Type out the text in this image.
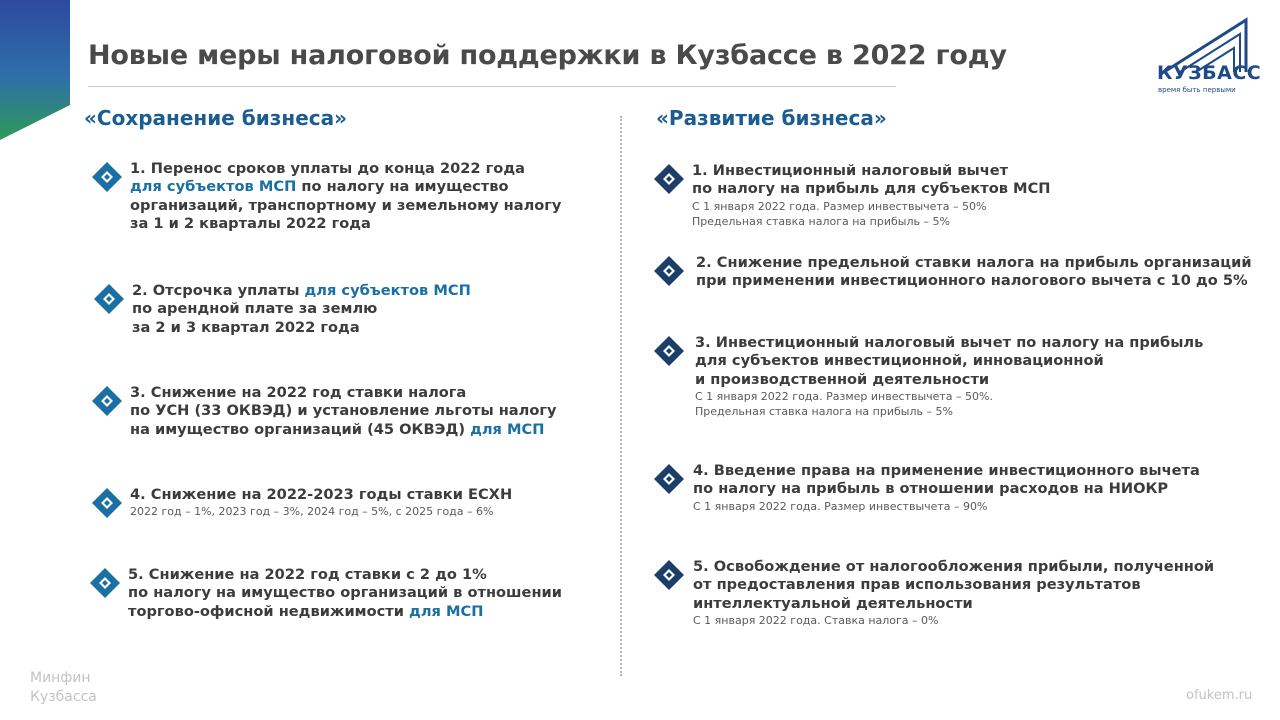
Новые меры налоговой поддержки в Кузбассе в 2022 году
КУЗБАСС
время быть первыми
«Сохранение бизнеса»	«Развитие бизнеса»
1. Перенос сроков уплаты до конца 2022 года
для субъектов МСП по налогу на имущество
организаций, транспортному и земельному налогу
за 1 и 2 кварталы 2022 года
2. Отсрочка уплаты для субъектов МСП
по арендной плате за землю
за 2 и 3 квартал 2022 года
3. Снижение на 2022 год ставки налога
по УСН (33 ОКВЭД) и установление льготы налогу
на имущество организаций (45 ОКВЭД) для МСП
4. Снижение на 2022-2023 годы ставки ЕСХН
2022 год – 1%, 2023 год – 3%, 2024 год – 5%, с 2025 года – 6%
5. Снижение на 2022 год ставки с 2 до 1%
по налогу на имущество организаций в отношении
торгово-офисной недвижимости для МСП
1. Инвестиционный налоговый вычет
по налогу на прибыль для субъектов МСП
С 1 января 2022 года. Размер инвествычета – 50%
Предельная ставка налога на прибыль – 5%
2. Снижение предельной ставки налога на прибыль организаций
при применении инвестиционного налогового вычета с 10 до 5%
3. Инвестиционный налоговый вычет по налогу на прибыль
для субъектов инвестиционной, инновационной
и производственной деятельности
С 1 января 2022 года. Размер инвествычета – 50%.
Предельная ставка налога на прибыль – 5%
4. Введение права на применение инвестиционного вычета
по налогу на прибыль в отношении расходов на НИОКР
С 1 января 2022 года. Размер инвествычета – 90%
5. Освобождение от налогообложения прибыли, полученной
от предоставления прав использования результатов
интеллектуальной деятельности
С 1 января 2022 года. Ставка налога – 0%
Минфин
Кузбасса	ofukem.ru
